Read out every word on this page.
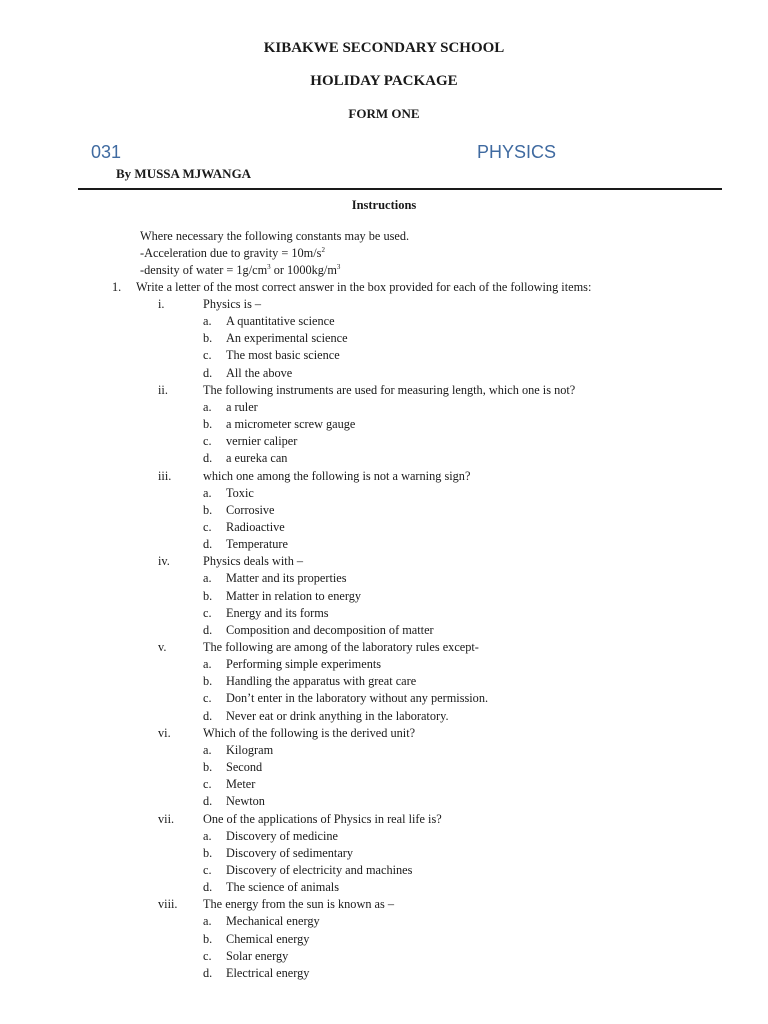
KIBAKWE SECONDARY SCHOOL
HOLIDAY PACKAGE
FORM ONE
031	PHYSICS
By MUSSA MJWANGA
Instructions
Where necessary the following constants may be used.
-Acceleration due to gravity = $10m/s^2$
-density of water = $1g/cm^3$ or $1000kg/m^3$
1. Write a letter of the most correct answer in the box provided for each of the following items:
i.	Physics is –
a. A quantitative science
b. An experimental science
c. The most basic science
d. All the above
ii.	The following instruments are used for measuring length, which one is not?
a. a ruler
b. a micrometer screw gauge
c. vernier caliper
d. a eureka can
iii.	which one among the following is not a warning sign?
a. Toxic
b. Corrosive
c. Radioactive
d. Temperature
iv.	Physics deals with –
a. Matter and its properties
b. Matter in relation to energy
c. Energy and its forms
d. Composition and decomposition of matter
v.	The following are among of the laboratory rules except-
a. Performing simple experiments
b. Handling the apparatus with great care
c. Don’t enter in the laboratory without any permission.
d. Never eat or drink anything in the laboratory.
vi.	Which of the following is the derived unit?
a. Kilogram
b. Second
c. Meter
d. Newton
vii. One of the applications of Physics in real life is?
a. Discovery of medicine
b. Discovery of sedimentary
c. Discovery of electricity and machines
d. The science of animals
viii. The energy from the sun is known as –
a. Mechanical energy
b. Chemical energy
c. Solar energy
d. Electrical energy
